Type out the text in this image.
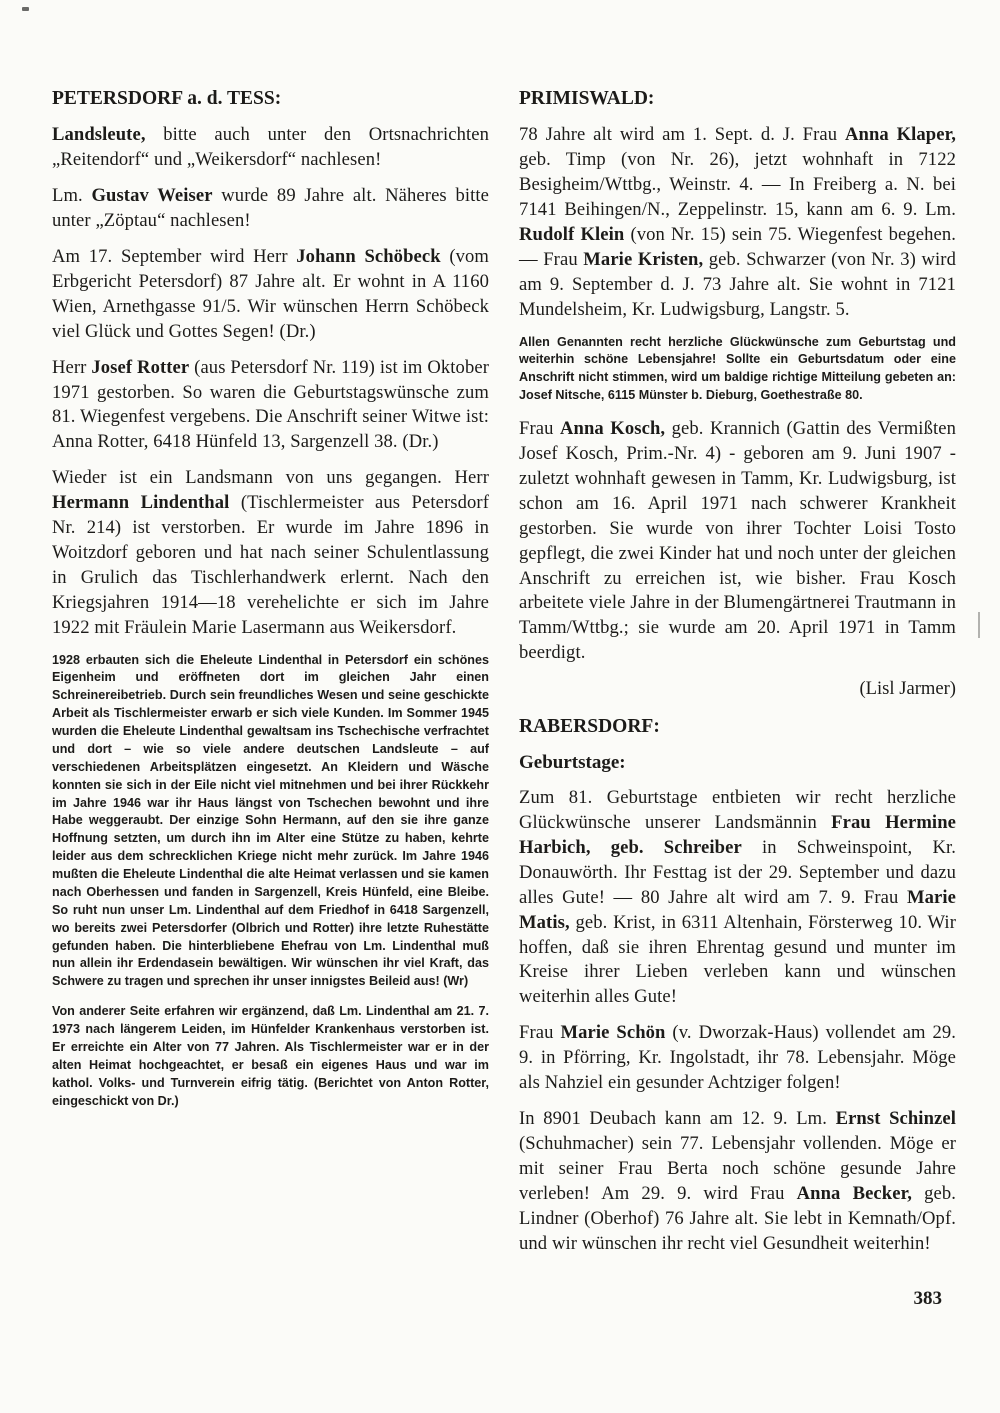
PETERSDORF a. d. TESS:

Landsleute, bitte auch unter den Ortsnachrichten „Reitendorf“ und „Weikersdorf“ nachlesen!

Lm. Gustav Weiser wurde 89 Jahre alt. Näheres bitte unter „Zöptau“ nachlesen!

Am 17. September wird Herr Johann Schöbeck (vom Erbgericht Petersdorf) 87 Jahre alt. Er wohnt in A 1160 Wien, Arnethgasse 91/5. Wir wünschen Herrn Schöbeck viel Glück und Gottes Segen! (Dr.)

Herr Josef Rotter (aus Petersdorf Nr. 119) ist im Oktober 1971 gestorben. So waren die Geburtstagswünsche zum 81. Wiegenfest vergebens. Die Anschrift seiner Witwe ist: Anna Rotter, 6418 Hünfeld 13, Sargenzell 38. (Dr.)

Wieder ist ein Landsmann von uns gegangen. Herr Hermann Lindenthal (Tischlermeister aus Petersdorf Nr. 214) ist verstorben. Er wurde im Jahre 1896 in Woitzdorf geboren und hat nach seiner Schulentlassung in Grulich das Tischlerhandwerk erlernt. Nach den Kriegsjahren 1914—18 verehelichte er sich im Jahre 1922 mit Fräulein Marie Lasermann aus Weikersdorf.

1928 erbauten sich die Eheleute Lindenthal in Petersdorf ein schönes Eigenheim und eröffneten dort im gleichen Jahr einen Schreinereibetrieb. Durch sein freundliches Wesen und seine geschickte Arbeit als Tischlermeister erwarb er sich viele Kunden. Im Sommer 1945 wurden die Eheleute Lindenthal gewaltsam ins Tschechische verfrachtet und dort – wie so viele andere deutschen Landsleute – auf verschiedenen Arbeitsplätzen eingesetzt. An Kleidern und Wäsche konnten sie sich in der Eile nicht viel mitnehmen und bei ihrer Rückkehr im Jahre 1946 war ihr Haus längst von Tschechen bewohnt und ihre Habe weggeraubt. Der einzige Sohn Hermann, auf den sie ihre ganze Hoffnung setzten, um durch ihn im Alter eine Stütze zu haben, kehrte leider aus dem schrecklichen Kriege nicht mehr zurück. Im Jahre 1946 mußten die Eheleute Lindenthal die alte Heimat verlassen und sie kamen nach Oberhessen und fanden in Sargenzell, Kreis Hünfeld, eine Bleibe. So ruht nun unser Lm. Lindenthal auf dem Friedhof in 6418 Sargenzell, wo bereits zwei Petersdorfer (Olbrich und Rotter) ihre letzte Ruhestätte gefunden haben. Die hinterbliebene Ehefrau von Lm. Lindenthal muß nun allein ihr Erdendasein bewältigen. Wir wünschen ihr viel Kraft, das Schwere zu tragen und sprechen ihr unser innigstes Beileid aus! (Wr)

Von anderer Seite erfahren wir ergänzend, daß Lm. Lindenthal am 21. 7. 1973 nach längerem Leiden, im Hünfelder Krankenhaus verstorben ist. Er erreichte ein Alter von 77 Jahren. Als Tischlermeister war er in der alten Heimat hochgeachtet, er besaß ein eigenes Haus und war im kathol. Volks- und Turnverein eifrig tätig. (Berichtet von Anton Rotter, eingeschickt von Dr.)

PRIMISWALD:

78 Jahre alt wird am 1. Sept. d. J. Frau Anna Klaper, geb. Timp (von Nr. 26), jetzt wohnhaft in 7122 Besigheim/Wttbg., Weinstr. 4. — In Freiberg a. N. bei 7141 Beihingen/N., Zeppelinstr. 15, kann am 6. 9. Lm. Rudolf Klein (von Nr. 15) sein 75. Wiegenfest begehen. — Frau Marie Kristen, geb. Schwarzer (von Nr. 3) wird am 9. September d. J. 73 Jahre alt. Sie wohnt in 7121 Mundelsheim, Kr. Ludwigsburg, Langstr. 5.

Allen Genannten recht herzliche Glückwünsche zum Geburtstag und weiterhin schöne Lebensjahre! Sollte ein Geburtsdatum oder eine Anschrift nicht stimmen, wird um baldige richtige Mitteilung gebeten an: Josef Nitsche, 6115 Münster b. Dieburg, Goethestraße 80.

Frau Anna Kosch, geb. Krannich (Gattin des Vermißten Josef Kosch, Prim.-Nr. 4) - geboren am 9. Juni 1907 - zuletzt wohnhaft gewesen in Tamm, Kr. Ludwigsburg, ist schon am 16. April 1971 nach schwerer Krankheit gestorben. Sie wurde von ihrer Tochter Loisi Tosto gepflegt, die zwei Kinder hat und noch unter der gleichen Anschrift zu erreichen ist, wie bisher. Frau Kosch arbeitete viele Jahre in der Blumengärtnerei Trautmann in Tamm/Wttbg.; sie wurde am 20. April 1971 in Tamm beerdigt.

(Lisl Jarmer)

RABERSDORF:

Geburtstage:

Zum 81. Geburtstage entbieten wir recht herzliche Glückwünsche unserer Landsmännin Frau Hermine Harbich, geb. Schreiber in Schweinspoint, Kr. Donauwörth. Ihr Festtag ist der 29. September und dazu alles Gute! — 80 Jahre alt wird am 7. 9. Frau Marie Matis, geb. Krist, in 6311 Altenhain, Försterweg 10. Wir hoffen, daß sie ihren Ehrentag gesund und munter im Kreise ihrer Lieben verleben kann und wünschen weiterhin alles Gute!

Frau Marie Schön (v. Dworzak-Haus) vollendet am 29. 9. in Pförring, Kr. Ingolstadt, ihr 78. Lebensjahr. Möge als Nahziel ein gesunder Achtziger folgen!

In 8901 Deubach kann am 12. 9. Lm. Ernst Schinzel (Schuhmacher) sein 77. Lebensjahr vollenden. Möge er mit seiner Frau Berta noch schöne gesunde Jahre verleben! Am 29. 9. wird Frau Anna Becker, geb. Lindner (Oberhof) 76 Jahre alt. Sie lebt in Kemnath/Opf. und wir wünschen ihr recht viel Gesundheit weiterhin!

383
